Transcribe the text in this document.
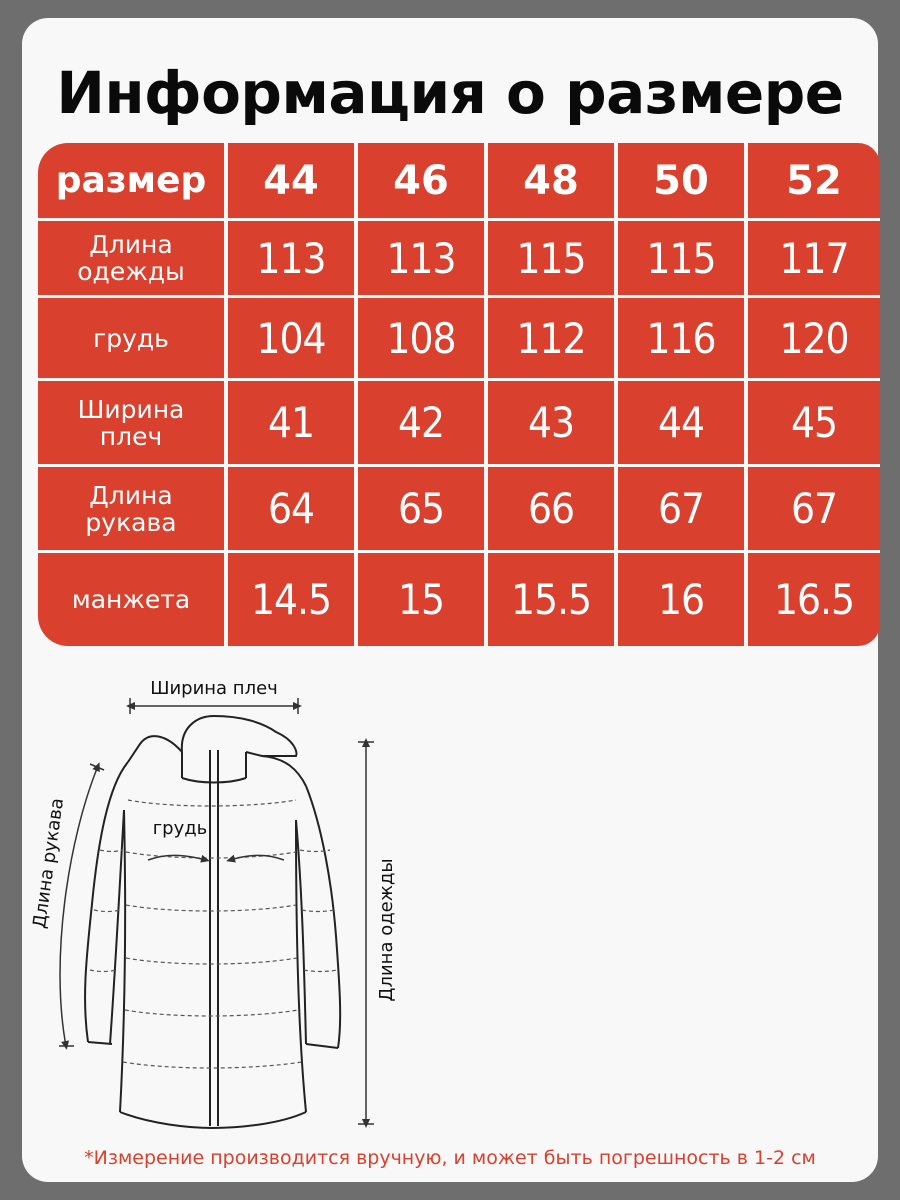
Информация о размере
размер	44	46	48	50	52
Длина
одежды	113	113	115	115	117
грудь	104	108	112	116	120
Ширина
плеч	41	42	43	44	45
Длина
рукава	64	65	66	67	67
манжета	14.5	15	15.5	16	16.5
Ширина плеч
грудь
Длина рукава	Длина одежды
*Измерение производится вручную, и может быть погрешность в 1-2 см
